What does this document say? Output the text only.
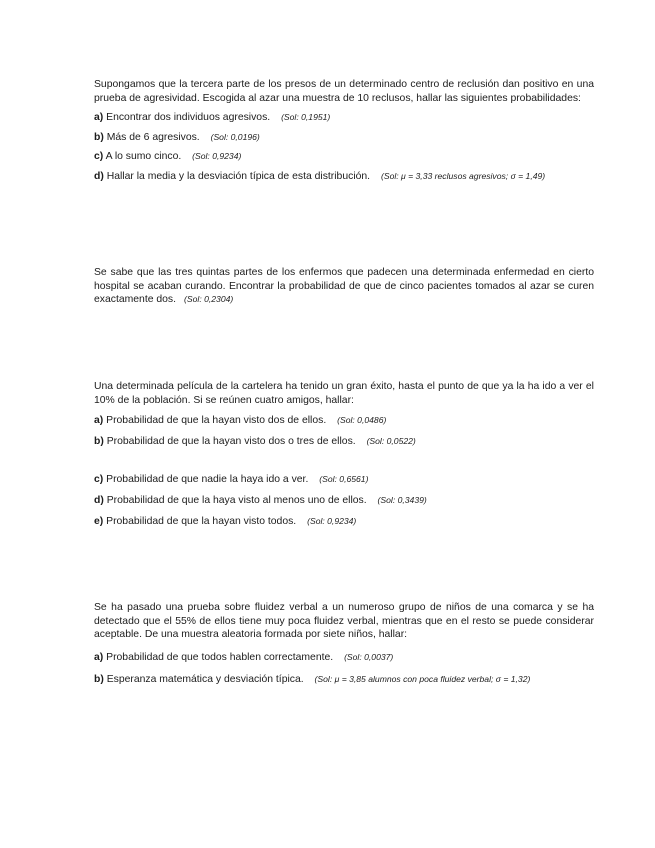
Supongamos que la tercera parte de los presos de un determinado centro de reclusión dan positivo en una prueba de agresividad. Escogida al azar una muestra de 10 reclusos, hallar las siguientes probabilidades:

a) Encontrar dos individuos agresivos. (Sol: 0,1951)

b) Más de 6 agresivos. (Sol: 0,0196)

c) A lo sumo cinco. (Sol: 0,9234)

d) Hallar la media y la desviación típica de esta distribución. (Sol: μ = 3,33 reclusos agresivos; σ = 1,49)

Se sabe que las tres quintas partes de los enfermos que padecen una determinada enfermedad en cierto hospital se acaban curando. Encontrar la probabilidad de que de cinco pacientes tomados al azar se curen exactamente dos. (Sol: 0,2304)

Una determinada película de la cartelera ha tenido un gran éxito, hasta el punto de que ya la ha ido a ver el 10% de la población. Si se reúnen cuatro amigos, hallar:

a) Probabilidad de que la hayan visto dos de ellos. (Sol: 0,0486)

b) Probabilidad de que la hayan visto dos o tres de ellos. (Sol: 0,0522)

c) Probabilidad de que nadie la haya ido a ver. (Sol: 0,6561)

d) Probabilidad de que la haya visto al menos uno de ellos. (Sol: 0,3439)

e) Probabilidad de que la hayan visto todos. (Sol: 0,9234)

Se ha pasado una prueba sobre fluidez verbal a un numeroso grupo de niños de una comarca y se ha detectado que el 55% de ellos tiene muy poca fluidez verbal, mientras que en el resto se puede considerar aceptable. De una muestra aleatoria formada por siete niños, hallar:

a) Probabilidad de que todos hablen correctamente. (Sol: 0,0037)

b) Esperanza matemática y desviación típica. (Sol: μ = 3,85 alumnos con poca fluidez verbal; σ = 1,32)
